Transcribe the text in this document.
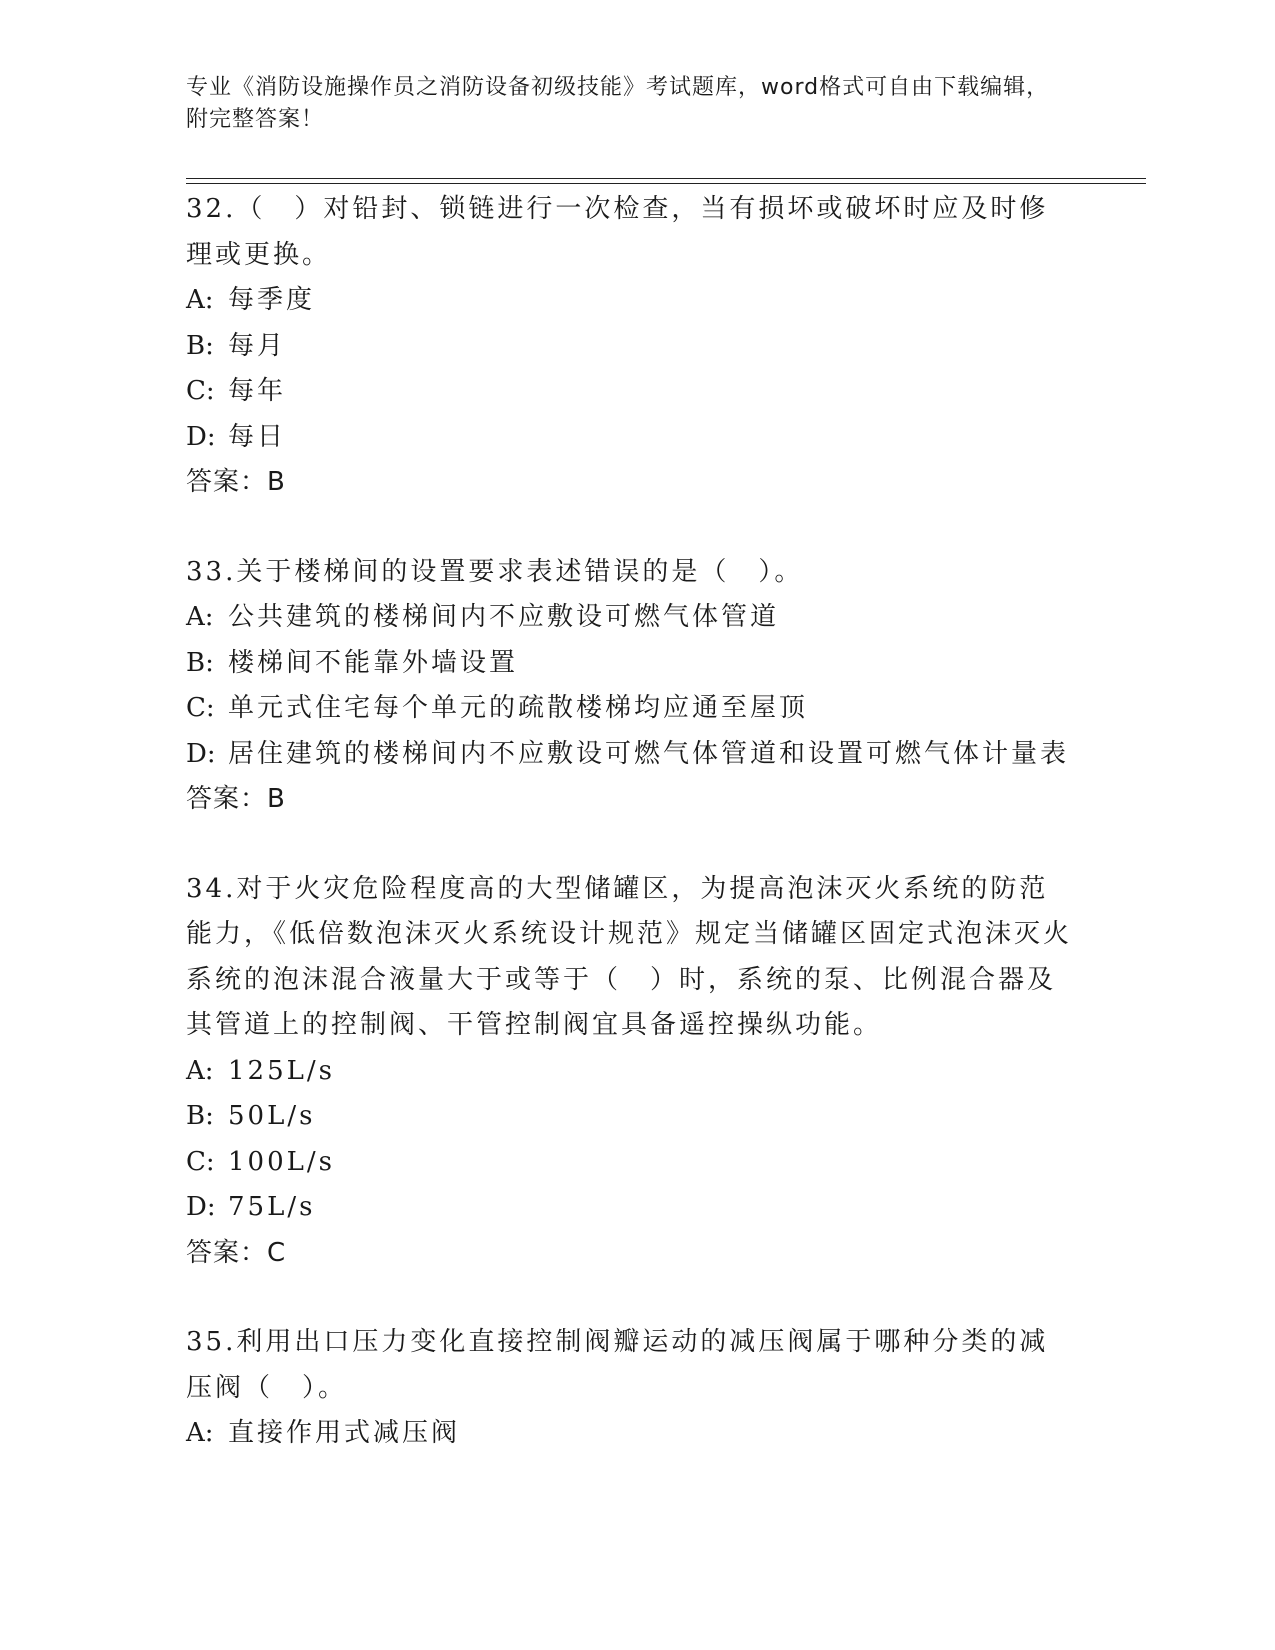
专业《消防设施操作员之消防设备初级技能》考试题库，word格式可自由下载编辑，附完整答案！

32.（　）对铅封、锁链进行一次检查，当有损坏或破坏时应及时修理或更换。

A: 每季度
B: 每月
C: 每年
D: 每日
答案：B

33.关于楼梯间的设置要求表述错误的是（　）。

A: 公共建筑的楼梯间内不应敷设可燃气体管道
B: 楼梯间不能靠外墙设置
C: 单元式住宅每个单元的疏散楼梯均应通至屋顶
D: 居住建筑的楼梯间内不应敷设可燃气体管道和设置可燃气体计量表
答案：B

34.对于火灾危险程度高的大型储罐区，为提高泡沫灭火系统的防范能力，《低倍数泡沫灭火系统设计规范》规定当储罐区固定式泡沫灭火系统的泡沫混合液量大于或等于（　）时，系统的泵、比例混合器及其管道上的控制阀、干管控制阀宜具备遥控操纵功能。

A: 125L/s
B: 50L/s
C: 100L/s
D: 75L/s
答案：C

35.利用出口压力变化直接控制阀瓣运动的减压阀属于哪种分类的减压阀（　）。

A: 直接作用式减压阀
